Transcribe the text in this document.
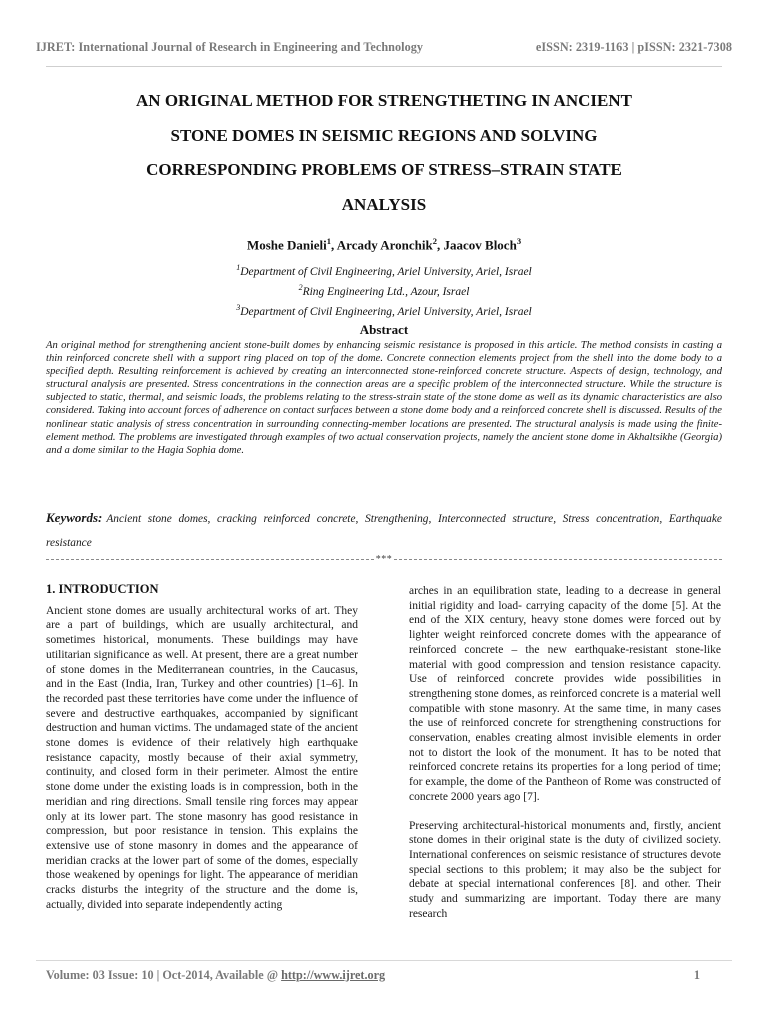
IJRET: International Journal of Research in Engineering and Technology	eISSN: 2319-1163 | pISSN: 2321-7308
AN ORIGINAL METHOD FOR STRENGTHETING IN ANCIENT
STONE DOMES IN SEISMIC REGIONS AND SOLVING
CORRESPONDING PROBLEMS OF STRESS–STRAIN STATE
ANALYSIS
Moshe Danieli$^1$, Arcady Aronchik$^2$, Jaacov Bloch$^3$
$^1$Department of Civil Engineering, Ariel University, Ariel, Israel
$^2$Ring Engineering Ltd., Azour, Israel
$^3$Department of Civil Engineering, Ariel University, Ariel, Israel
Abstract
An original method for strengthening ancient stone-built domes by enhancing seismic resistance is proposed in this article. The method consists in casting a thin reinforced concrete shell with a support ring placed on top of the dome. Concrete connection elements project from the shell into the dome body to a specified depth. Resulting reinforcement is achieved by creating an interconnected stone-reinforced concrete structure. Aspects of design, technology, and structural analysis are presented. Stress concentrations in the connection areas are a specific problem of the interconnected structure. While the structure is subjected to static, thermal, and seismic loads, the problems relating to the stress-strain state of the stone dome as well as its dynamic characteristics are also considered. Taking into account forces of adherence on contact surfaces between a stone dome body and a reinforced concrete shell is discussed. Results of the nonlinear static analysis of stress concentration in surrounding connecting-member locations are presented. The structural analysis is made using the finite-element method. The problems are investigated through examples of two actual conservation projects, namely the ancient stone dome in Akhaltsikhe (Georgia) and a dome similar to the Hagia Sophia dome.
Keywords: Ancient stone domes, cracking reinforced concrete, Strengthening, Interconnected structure, Stress concentration, Earthquake resistance
***

1. INTRODUCTION

Ancient stone domes are usually architectural works of art. They are a part of buildings, which are usually architectural, and sometimes historical, monuments. These buildings may have utilitarian significance as well. At present, there are a great number of stone domes in the Mediterranean countries, in the Caucasus, and in the East (India, Iran, Turkey and other countries) [1–6]. In the recorded past these territories have come under the influence of severe and destructive earthquakes, accompanied by significant destruction and human victims. The undamaged state of the ancient stone domes is evidence of their relatively high earthquake resistance capacity, mostly because of their axial symmetry, continuity, and closed form in their perimeter. Almost the entire stone dome under the existing loads is in compression, both in the meridian and ring directions. Small tensile ring forces may appear only at its lower part. The stone masonry has good resistance in compression, but poor resistance in tension. This explains the extensive use of stone masonry in domes and the appearance of meridian cracks at the lower part of some of the domes, especially those weakened by openings for light. The appearance of meridian cracks disturbs the integrity of the structure and the dome is, actually, divided into separate independently acting

arches in an equilibration state, leading to a decrease in general initial rigidity and load- carrying capacity of the dome [5]. At the end of the XIX century, heavy stone domes were forced out by lighter weight reinforced concrete domes with the appearance of reinforced concrete – the new earthquake-resistant stone-like material with good compression and tension resistance capacity. Use of reinforced concrete provides wide possibilities in strengthening stone domes, as reinforced concrete is a material well compatible with stone masonry. At the same time, in many cases the use of reinforced concrete for strengthening constructions for conservation, enables creating almost invisible elements in order not to distort the look of the monument. It has to be noted that reinforced concrete retains its properties for a long period of time; for example, the dome of the Pantheon of Rome was constructed of concrete 2000 years ago [7].

Preserving architectural-historical monuments and, firstly, ancient stone domes in their original state is the duty of civilized society. International conferences on seismic resistance of structures devote special sections to this problem; it may also be the subject for debate at special international conferences [8]. and other. Their study and summarizing are important. Today there are many research

Volume: 03 Issue: 10 | Oct-2014, Available @ http://www.ijret.org	1
